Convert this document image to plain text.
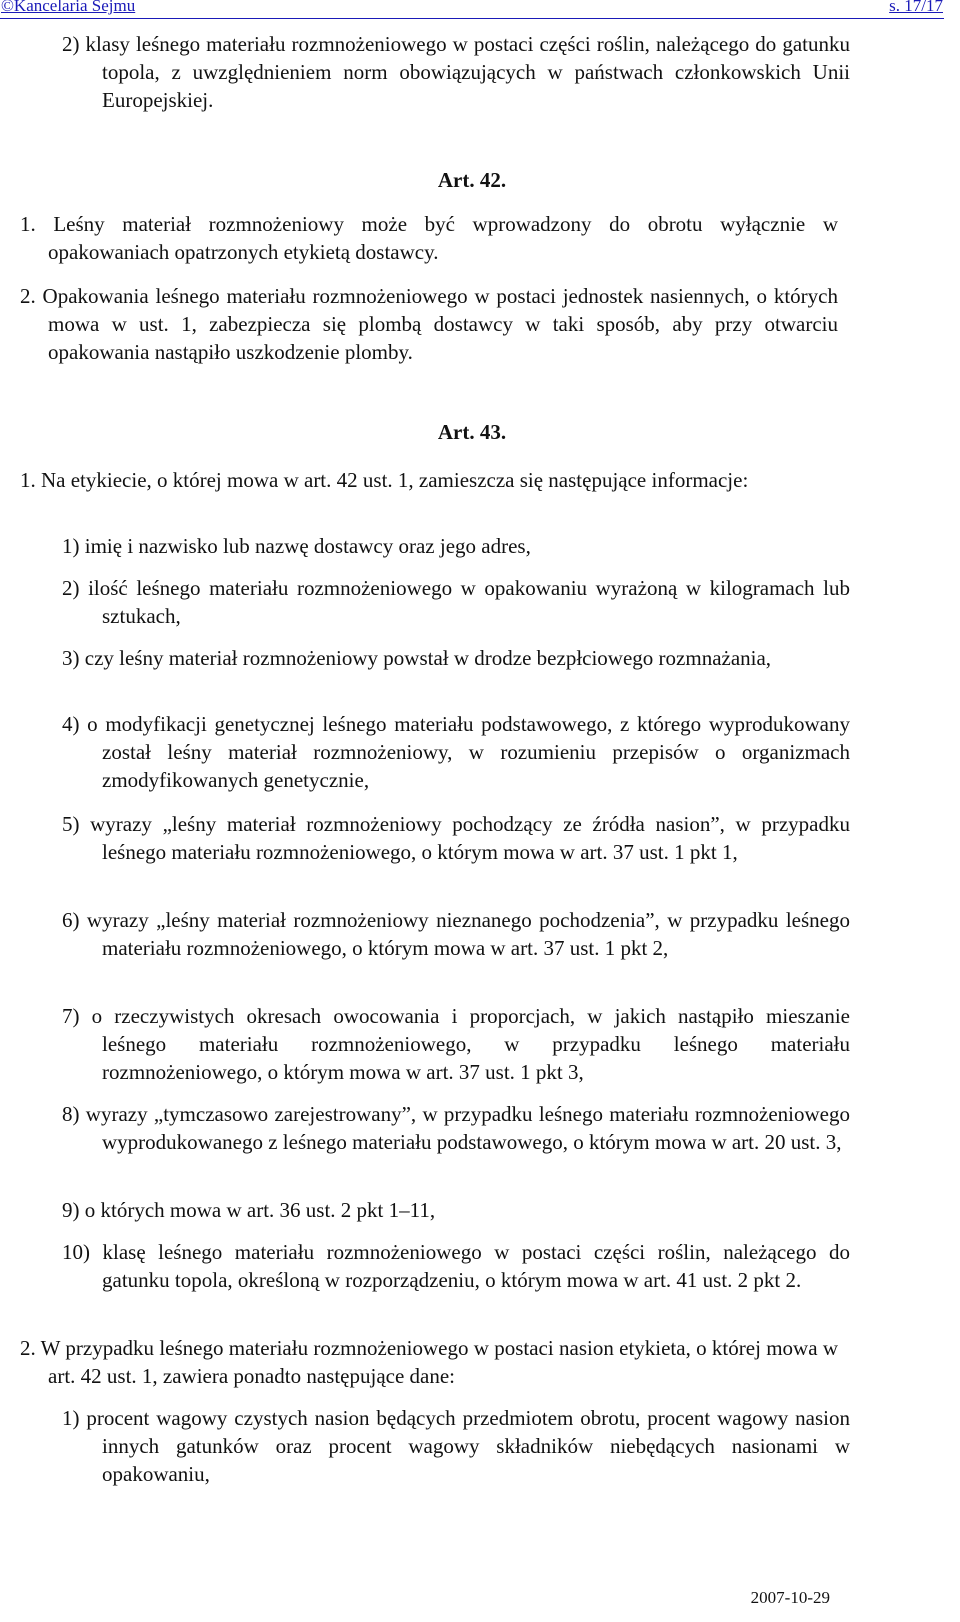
©Kancelaria Sejmu	s. 17/17
2) klasy leśnego materiału rozmnożeniowego w postaci części roślin, należącego do gatunku topola, z uwzględnieniem norm obowiązujących w państwach członkowskich Unii Europejskiej.
Art. 42.
1. Leśny materiał rozmnożeniowy może być wprowadzony do obrotu wyłącznie w opakowaniach opatrzonych etykietą dostawcy.
2. Opakowania leśnego materiału rozmnożeniowego w postaci jednostek nasiennych, o których mowa w ust. 1, zabezpiecza się plombą dostawcy w taki sposób, aby przy otwarciu opakowania nastąpiło uszkodzenie plomby.
Art. 43.
1. Na etykiecie, o której mowa w art. 42 ust. 1, zamieszcza się następujące informacje:
1) imię i nazwisko lub nazwę dostawcy oraz jego adres,
2) ilość leśnego materiału rozmnożeniowego w opakowaniu wyrażoną w kilogramach lub sztukach,
3) czy leśny materiał rozmnożeniowy powstał w drodze bezpłciowego rozmnażania,
4) o modyfikacji genetycznej leśnego materiału podstawowego, z którego wyprodukowany został leśny materiał rozmnożeniowy, w rozumieniu przepisów o organizmach zmodyfikowanych genetycznie,
5) wyrazy „leśny materiał rozmnożeniowy pochodzący ze źródła nasion”, w przypadku leśnego materiału rozmnożeniowego, o którym mowa w art. 37 ust. 1 pkt 1,
6) wyrazy „leśny materiał rozmnożeniowy nieznanego pochodzenia”, w przypadku leśnego materiału rozmnożeniowego, o którym mowa w art. 37 ust. 1 pkt 2,
7) o rzeczywistych okresach owocowania i proporcjach, w jakich nastąpiło mieszanie leśnego materiału rozmnożeniowego, w przypadku leśnego materiału rozmnożeniowego, o którym mowa w art. 37 ust. 1 pkt 3,
8) wyrazy „tymczasowo zarejestrowany”, w przypadku leśnego materiału rozmnożeniowego wyprodukowanego z leśnego materiału podstawowego, o którym mowa w art. 20 ust. 3,
9) o których mowa w art. 36 ust. 2 pkt 1–11,
10) klasę leśnego materiału rozmnożeniowego w postaci części roślin, należącego do gatunku topola, określoną w rozporządzeniu, o którym mowa w art. 41 ust. 2 pkt 2.
2. W przypadku leśnego materiału rozmnożeniowego w postaci nasion etykieta, o której mowa w art. 42 ust. 1, zawiera ponadto następujące dane:
1) procent wagowy czystych nasion będących przedmiotem obrotu, procent wagowy nasion innych gatunków oraz procent wagowy składników niebędących nasionami w opakowaniu,
2007-10-29
